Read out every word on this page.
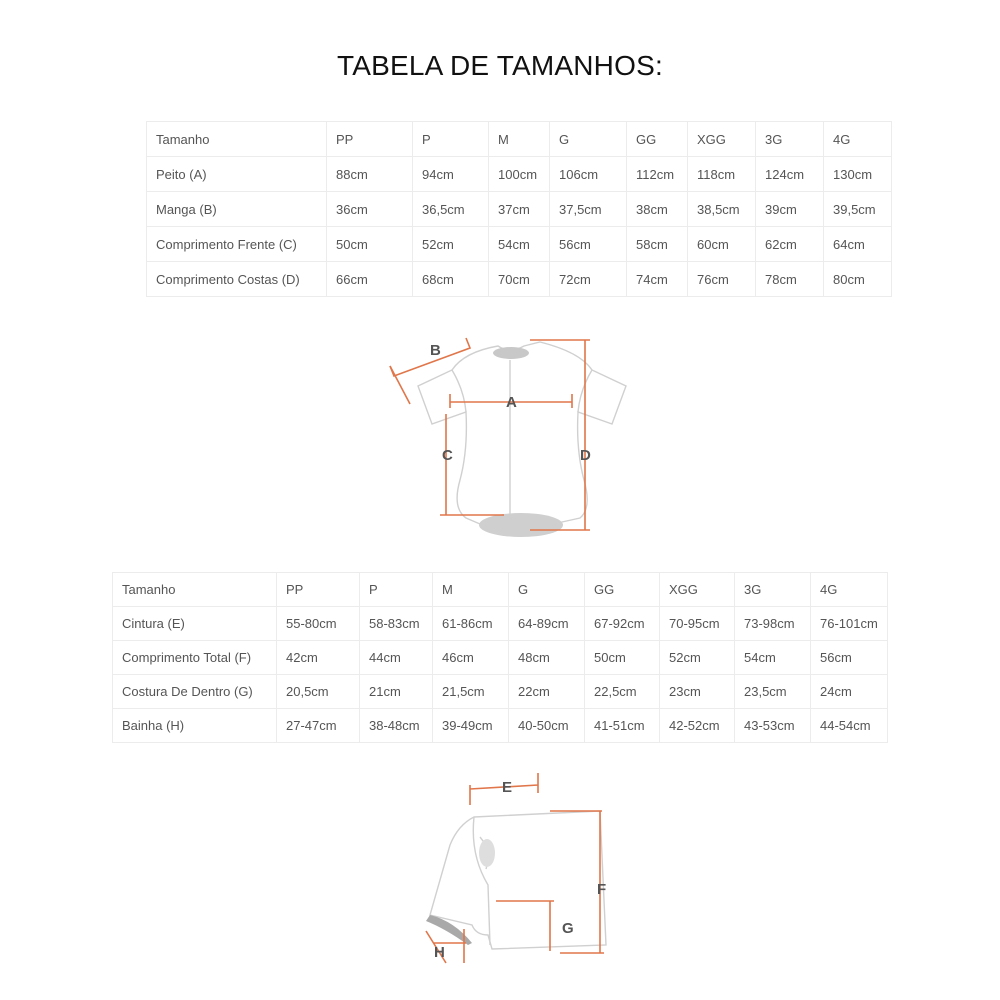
TABELA DE TAMANHOS:
Tamanho	PP	P	M	G	GG	XGG	3G	4G
Peito (A)	88cm	94cm	100cm	106cm	112cm	118cm	124cm	130cm
Manga (B)	36cm	36,5cm	37cm	37,5cm	38cm	38,5cm	39cm	39,5cm
Comprimento Frente (C)	50cm	52cm	54cm	56cm	58cm	60cm	62cm	64cm
Comprimento Costas (D)	66cm	68cm	70cm	72cm	74cm	76cm	78cm	80cm
B
A
C	D
Tamanho	PP	P	M	G	GG	XGG	3G	4G
Cintura (E)	55-80cm	58-83cm	61-86cm	64-89cm	67-92cm	70-95cm	73-98cm	76-101cm
Comprimento Total (F)	42cm	44cm	46cm	48cm	50cm	52cm	54cm	56cm
Costura De Dentro (G)	20,5cm	21cm	21,5cm	22cm	22,5cm	23cm	23,5cm	24cm
Bainha (H)	27-47cm	38-48cm	39-49cm	40-50cm	41-51cm	42-52cm	43-53cm	44-54cm
E
F
G
H
